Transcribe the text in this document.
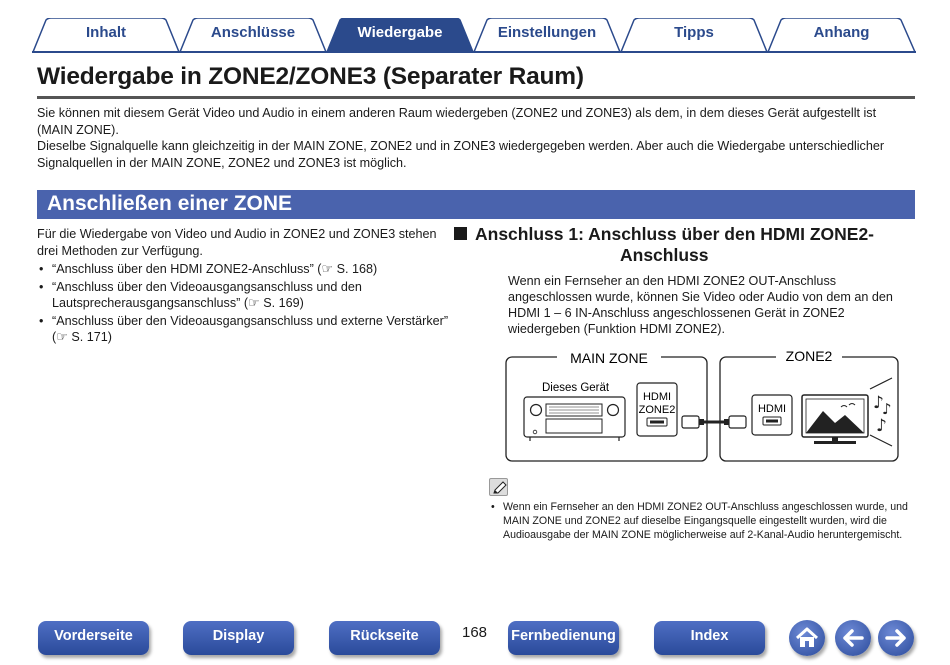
Inhalt	Anschlüsse	Wiedergabe	Einstellungen	Tipps	Anhang
Wiedergabe in ZONE2/ZONE3 (Separater Raum)

Sie können mit diesem Gerät Video und Audio in einem anderen Raum wiedergeben (ZONE2 und ZONE3) als dem, in dem dieses Gerät aufgestellt ist (MAIN ZONE).

Dieselbe Signalquelle kann gleichzeitig in der MAIN ZONE, ZONE2 und in ZONE3 wiedergegeben werden. Aber auch die Wiedergabe unterschiedlicher Signalquellen in der MAIN ZONE, ZONE2 und ZONE3 ist möglich.

Anschließen einer ZONE

Für die Wiedergabe von Video und Audio in ZONE2 und ZONE3 stehen drei Methoden zur Verfügung.

• “Anschluss über den HDMI ZONE2-Anschluss” (☞ S. 168)
• “Anschluss über den Videoausgangsanschluss und den Lautsprecherausgangsanschluss” (☞ S. 169)
• “Anschluss über den Videoausgangsanschluss und externe Verstärker” (☞ S. 171)
Anschluss 1: Anschluss über den HDMI ZONE2-
Anschluss

Wenn ein Fernseher an den HDMI ZONE2 OUT-Anschluss angeschlossen wurde, können Sie Video oder Audio von dem an den HDMI 1 – 6 IN-Anschluss angeschlossenen Gerät in ZONE2 wiedergeben (Funktion HDMI ZONE2).

MAIN ZONE	ZONE2
Dieses Gerät
HDMI
ZONE2	HDMI	♪
♪
♪
• Wenn ein Fernseher an den HDMI ZONE2 OUT-Anschluss angeschlossen wurde, und MAIN ZONE und ZONE2 auf dieselbe Eingangsquelle eingestellt wurden, wird die Audioausgabe der MAIN ZONE möglicherweise auf 2-Kanal-Audio heruntergemischt.
Vorderseite	Display	Rückseite	168 Fernbedienung	Index
